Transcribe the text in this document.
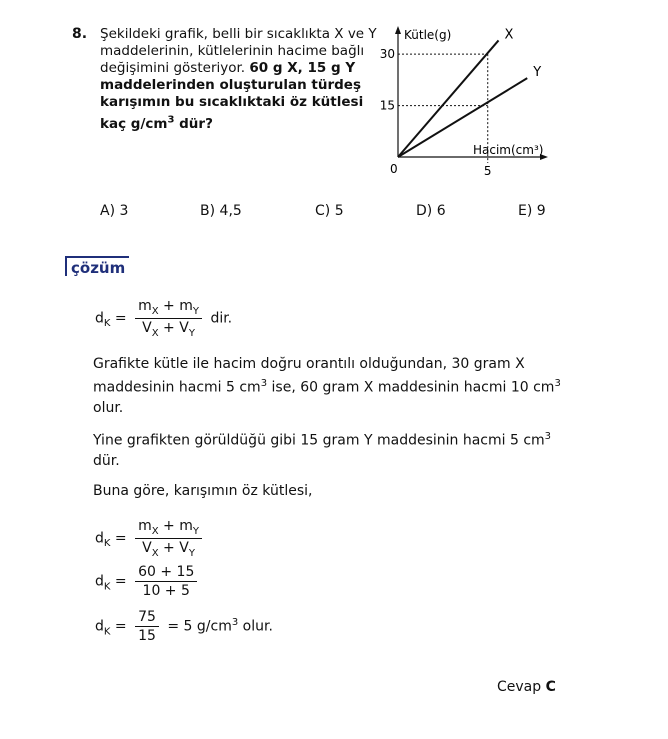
8. Şekildeki grafik, belli bir sıcaklıkta X ve Y maddelerinin, kütlelerinin hacime bağlı değişimini gösteriyor. 60 g X, 15 g Y maddelerinden oluşturulan türdeş karışımın bu sıcaklıktaki öz kütlesi kaç $g/cm^3$ dür?
15
30
5
X
Y
Kütle(g)
Hacim(cm³)
0
A) 3	B) 4,5	C) 5	D) 6	E) 9
çözüm
$d_K = \frac{m_X + m_Y}{V_X + V_Y}$ dir.
Grafikte kütle ile hacim doğru orantılı olduğundan, 30 gram X maddesinin hacmi 5 $cm^3$ ise, 60 gram X maddesinin hacmi 10 $cm^3$ olur.
Yine grafikten görüldüğü gibi 15 gram Y maddesinin hacmi 5 $cm^3$ dür.
Buna göre, karışımın öz kütlesi,
$d_K = \frac{m_X + m_Y}{V_X + V_Y}$
$d_K = \frac{60 + 15}{10 + 5}$
$d_K = \frac{75}{15} = 5$ $g/cm^3$ olur.
Cevap C
